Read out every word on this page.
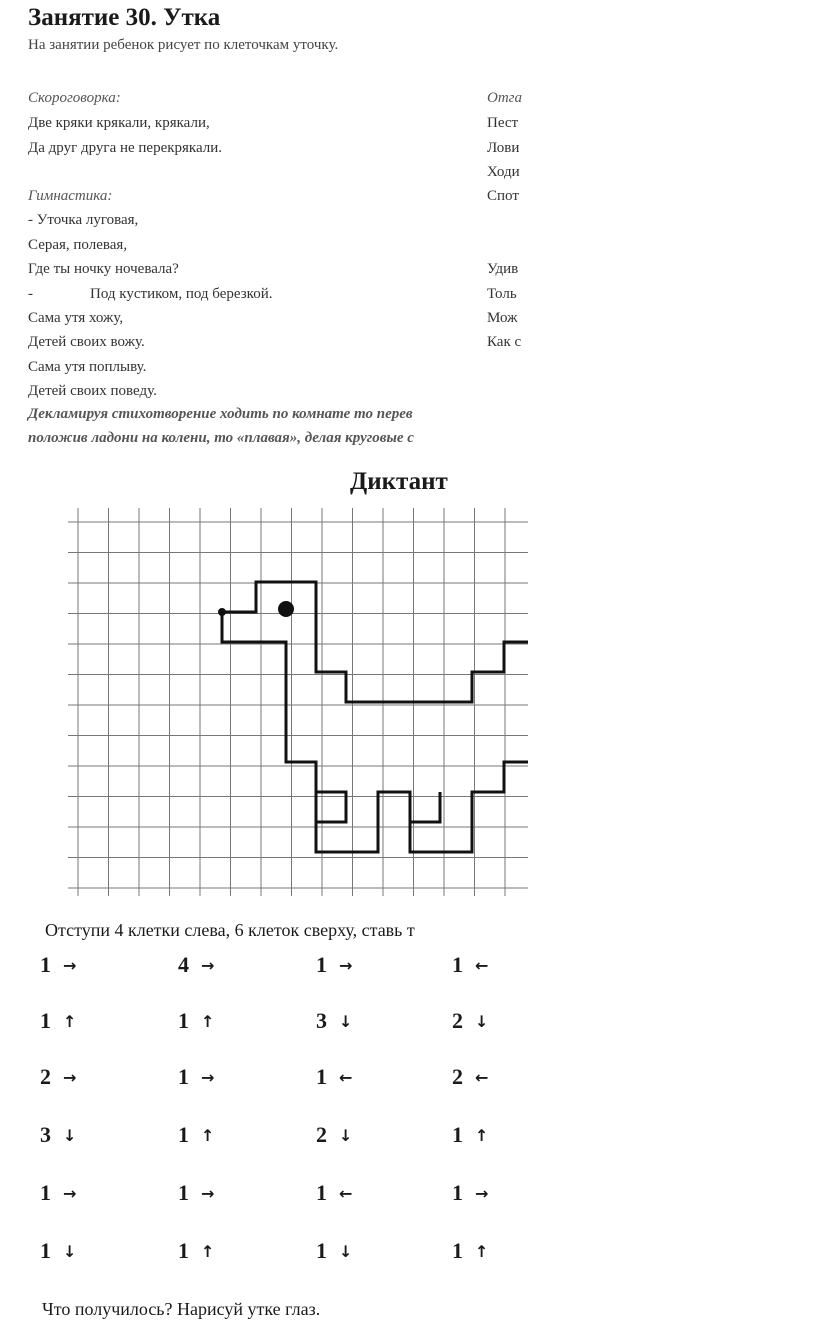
Занятие 30. Утка
На занятии ребенок рисует по клеточкам уточку.
Скороговорка:
Две кряки крякали, крякали,
Да друг друга не перекрякали.
Гимнастика:
- Уточка луговая,
Серая, полевая,
Где ты ночку ночевала?
-	Под кустиком, под березкой.
Сама утя хожу,
Детей своих вожу.
Сама утя поплыву.
Детей своих поведу.
Отга
Пест
Лови
Ходи
Спот
Удив
Толь
Мож
Как с
Декламируя стихотворение ходить по комнате то перев
положив ладони на колени, то «плавая», делая круговые с
Диктант
Отступи 4 клетки слева, 6 клеток сверху, ставь т
1 →
1 ↑
2 →
3 ↓
1 →
1 ↓
4 →
1 ↑
1 →
1 ↑
1 →
1 ↑
1 →
3 ↓
1 ←
2 ↓
1 ←
1 ↓
1 ←
2 ↓
2 ←
1 ↑
1 →
1 ↑
Что получилось? Нарисуй утке глаз.
